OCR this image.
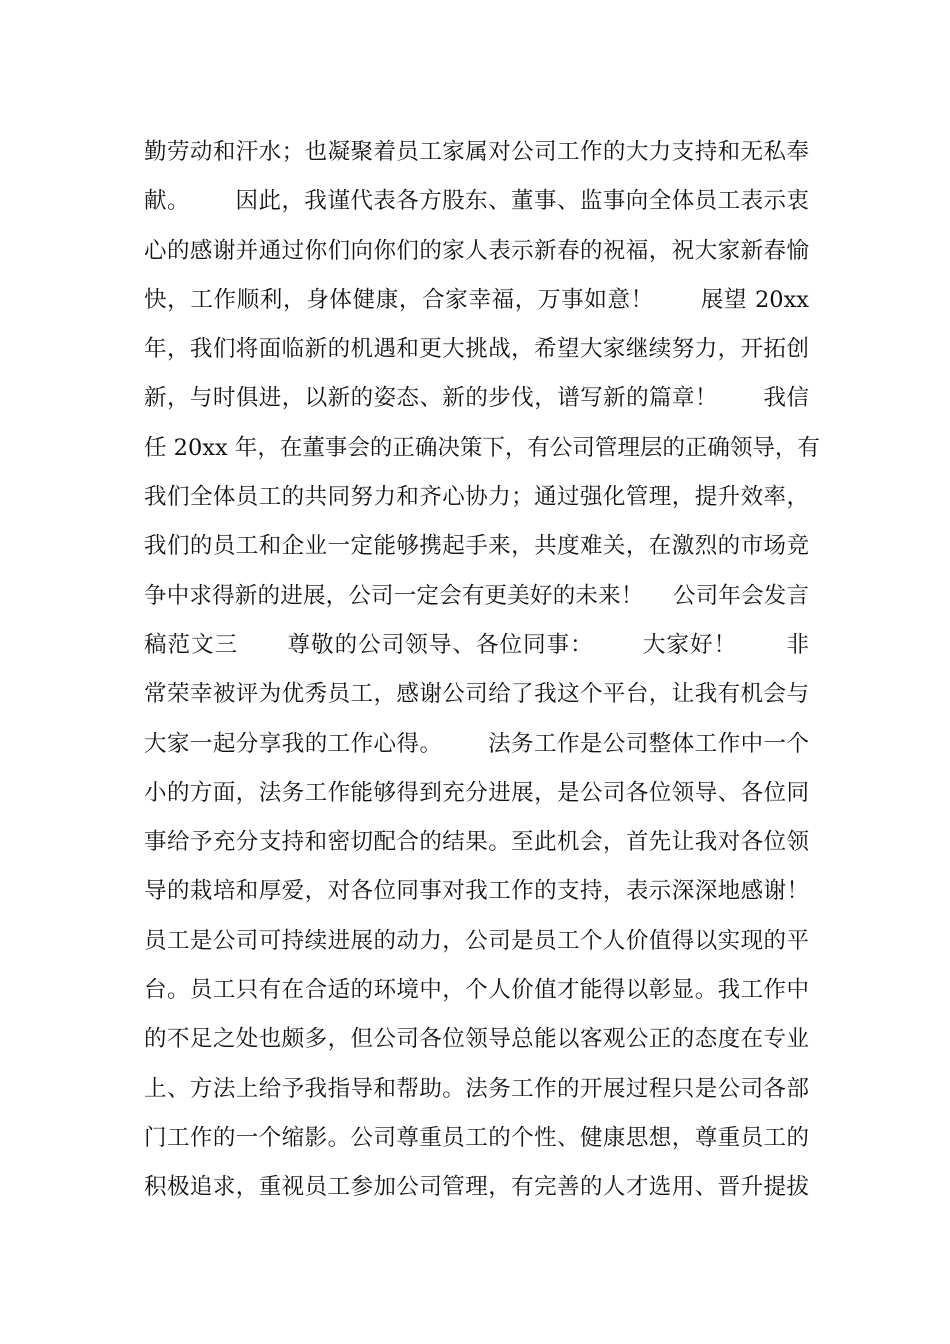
勤劳动和汗水；也凝聚着员工家属对公司工作的大力支持和无私奉
献。      因此，我谨代表各方股东、董事、监事向全体员工表示衷
心的感谢并通过你们向你们的家人表示新春的祝福，祝大家新春愉
快，工作顺利，身体健康，合家幸福，万事如意！      展望 20xx
年，我们将面临新的机遇和更大挑战，希望大家继续努力，开拓创
新，与时俱进，以新的姿态、新的步伐，谱写新的篇章！      我信
任 20xx 年，在董事会的正确决策下，有公司管理层的正确领导，有
我们全体员工的共同努力和齐心协力；通过强化管理，提升效率，
我们的员工和企业一定能够携起手来，共度难关，在激烈的市场竞
争中求得新的进展，公司一定会有更美好的未来！    公司年会发言
稿范文三      尊敬的公司领导、各位同事：      大家好！      非
常荣幸被评为优秀员工，感谢公司给了我这个平台，让我有机会与
大家一起分享我的工作心得。      法务工作是公司整体工作中一个
小的方面，法务工作能够得到充分进展，是公司各位领导、各位同
事给予充分支持和密切配合的结果。至此机会，首先让我对各位领
导的栽培和厚爱，对各位同事对我工作的支持，表示深深地感谢！
员工是公司可持续进展的动力，公司是员工个人价值得以实现的平
台。员工只有在合适的环境中，个人价值才能得以彰显。我工作中
的不足之处也颇多，但公司各位领导总能以客观公正的态度在专业
上、方法上给予我指导和帮助。法务工作的开展过程只是公司各部
门工作的一个缩影。公司尊重员工的个性、健康思想，尊重员工的
积极追求，重视员工参加公司管理，有完善的人才选用、晋升提拔
